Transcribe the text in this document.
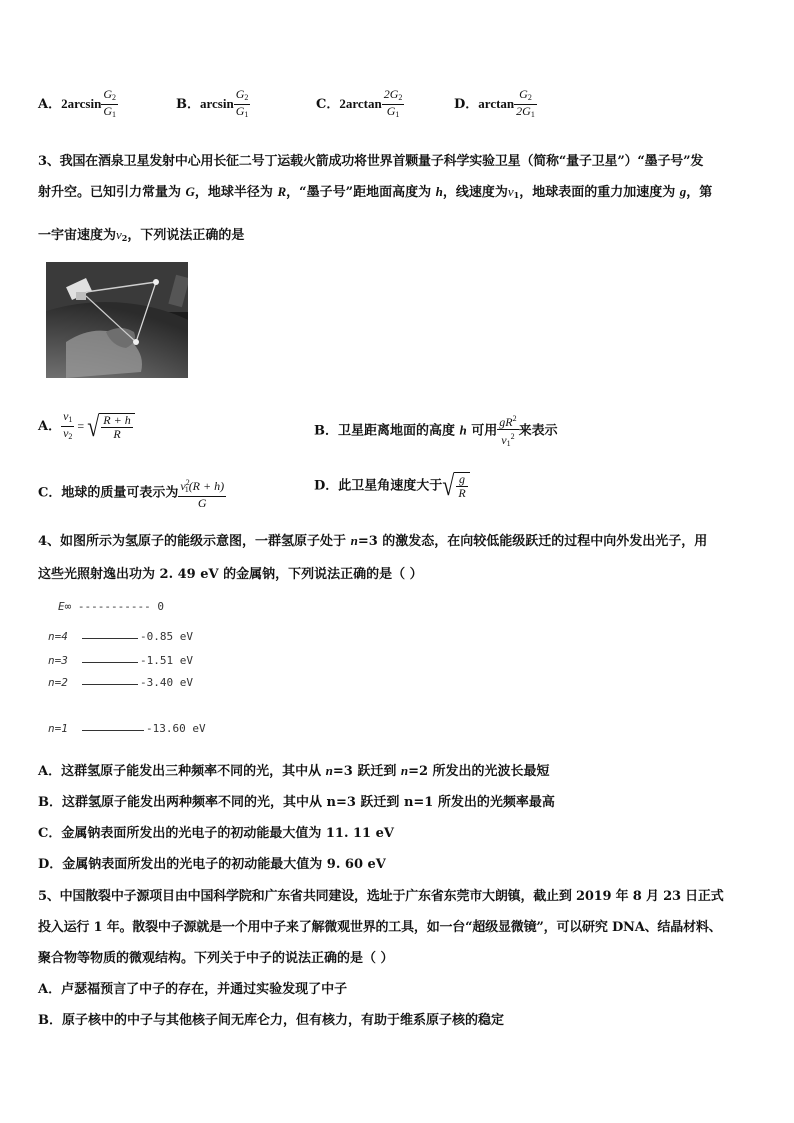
A．$2\arcsin \frac{G_2}{G_1}$	B．$\arcsin \frac{G_2}{G_1}$	C．$2\arctan \frac{2G_2}{G_1}$	D．$\arctan \frac{G_2}{2G_1}$
3、我国在酒泉卫星发射中心用长征二号丁运载火箭成功将世界首颗量子科学实验卫星（简称“量子卫星”）“墨子号”发
射升空。已知引力常量为 G，地球半径为 R，“墨子号”距地面高度为 h，线速度为$v_1$，地球表面的重力加速度为 g，第
一宇宙速度为$v_2$，下列说法正确的是
A． $\frac{v_1}{v_2}$ = √ $\frac{R + h}{R}$	B．卫星距离地面的高度 h 可用 $\frac{gR^2}{v_1^2}$ 来表示
C．地球的质量可表示为 $\frac{v^2_1(R + h)}{G}$	D．此卫星角速度大于√ $\frac{g}{R}$
4、如图所示为氢原子的能级示意图，一群氢原子处于 n=3 的激发态，在向较低能级跃迁的过程中向外发出光子，用
这些光照射逸出功为 2. 49 eV 的金属钠，下列说法正确的是（ ）
E∞ ----------- 0
n=4	-0.85 eV
n=3	-1.51 eV
n=2	-3.40 eV
n=1	-13.60 eV
A．这群氢原子能发出三种频率不同的光，其中从 n=3 跃迁到 n=2 所发出的光波长最短
B．这群氢原子能发出两种频率不同的光，其中从 n=3 跃迁到 n=1 所发出的光频率最高
C．金属钠表面所发出的光电子的初动能最大值为 11. 11 eV
D．金属钠表面所发出的光电子的初动能最大值为 9. 60 eV
5、中国散裂中子源项目由中国科学院和广东省共同建设，选址于广东省东莞市大朗镇，截止到 2019 年 8 月 23 日正式
投入运行 1 年。散裂中子源就是一个用中子来了解微观世界的工具，如一台“超级显微镜”，可以研究 DNA、结晶材料、
聚合物等物质的微观结构。下列关于中子的说法正确的是（ ）
A．卢瑟福预言了中子的存在，并通过实验发现了中子
B．原子核中的中子与其他核子间无库仑力，但有核力，有助于维系原子核的稳定
